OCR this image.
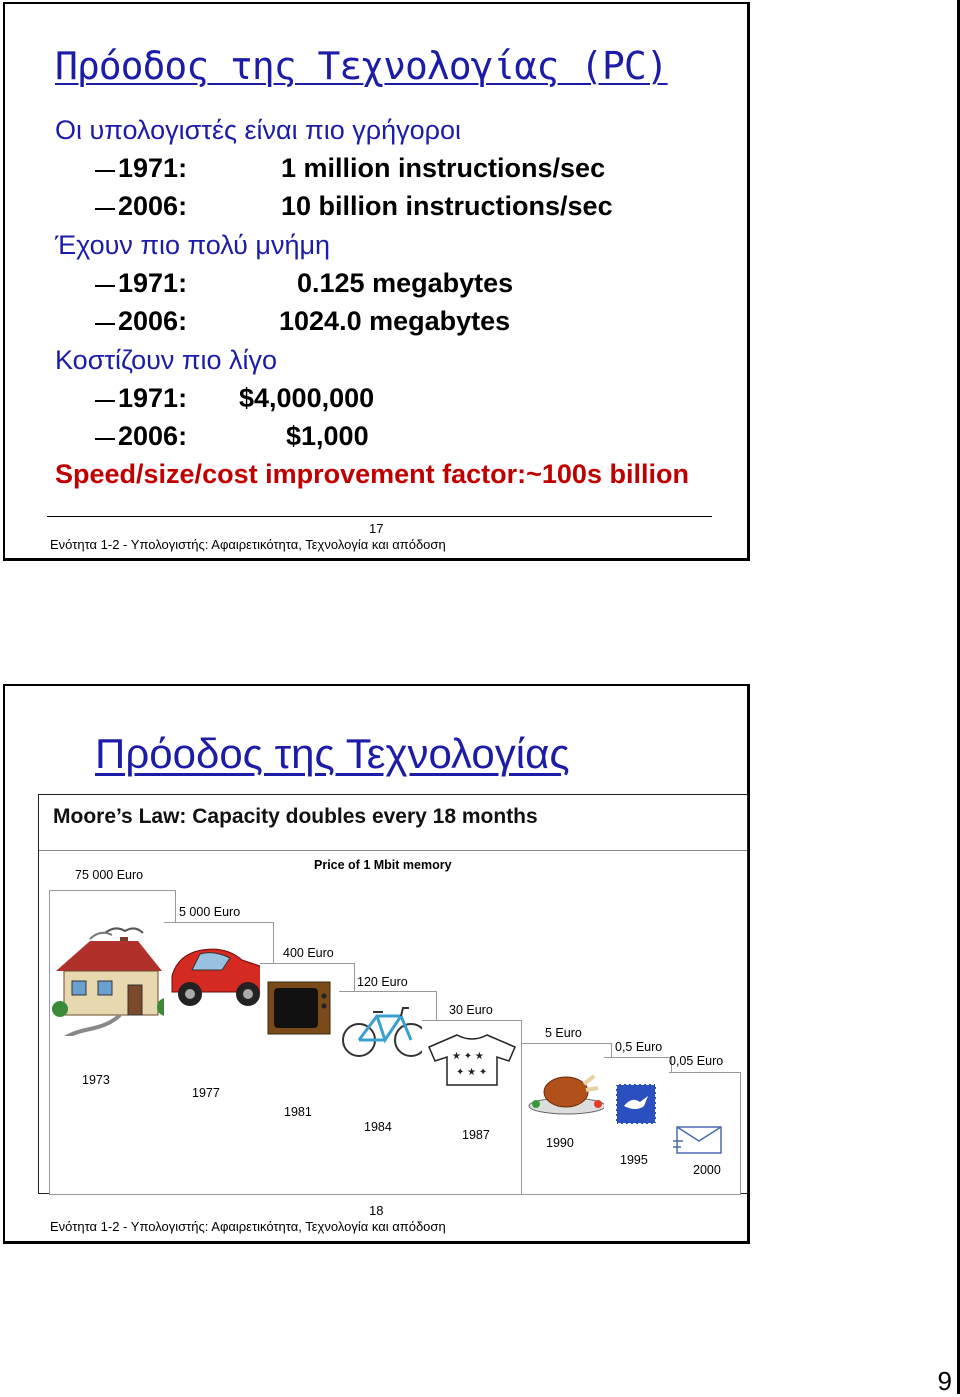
Πρόοδος της Τεχνολογίας (PC)
Οι υπολογιστές είναι πιο γρήγοροι
1971:	1 million instructions/sec
2006:	10 billion instructions/sec
Έχουν πιο πολύ μνήμη
1971:	0.125 megabytes
2006:	1024.0 megabytes
Κοστίζουν πιο λίγο
1971: $4,000,000
2006:	$1,000
Speed/size/cost improvement factor:~100s billion
17
Ενότητα 1-2 - Υπολογιστής: Αφαιρετικότητα, Τεχνολογία και απόδοση
Πρόοδος της Τεχνολογίας
Moore’s Law: Capacity doubles every 18 months
Price of 1 Mbit memory
75 000 Euro
1973
5 000 Euro
1977
400 Euro
1981
120 Euro
1984
30 Euro
★ ✦ ★
✦ ★ ✦
1987
5 Euro
1990
0,5 Euro
1995
0,05 Euro
2000
18
Ενότητα 1-2 - Υπολογιστής: Αφαιρετικότητα, Τεχνολογία και απόδοση
9
